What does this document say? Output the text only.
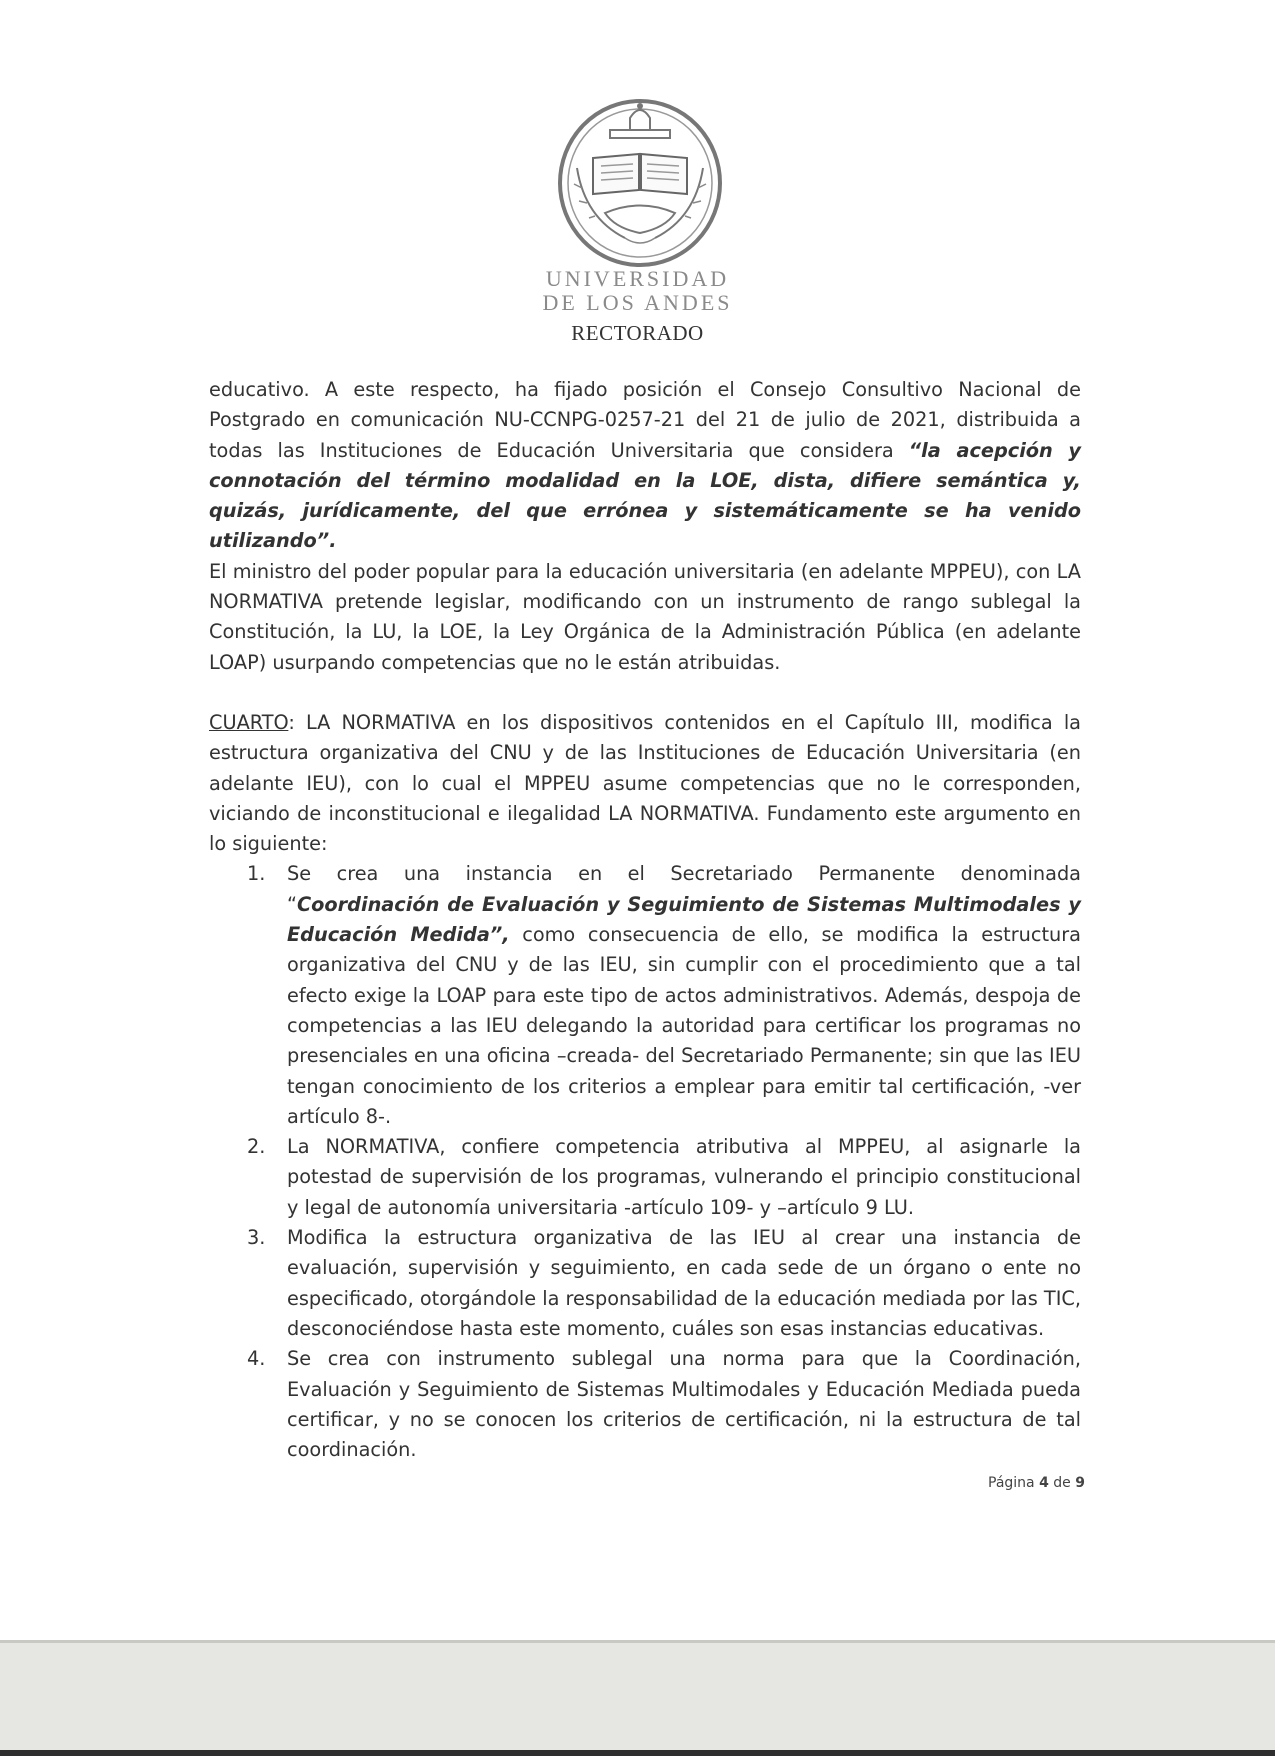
UNIVERSIDAD
DE LOS ANDES
RECTORADO

educativo. A este respecto, ha fijado posición el Consejo Consultivo Nacional de Postgrado en comunicación NU-CCNPG-0257-21 del 21 de julio de 2021, distribuida a todas las Instituciones de Educación Universitaria que considera “la acepción y connotación del término modalidad en la LOE, dista, difiere semántica y, quizás, jurídicamente, del que errónea y sistemáticamente se ha venido utilizando”.

El ministro del poder popular para la educación universitaria (en adelante MPPEU), con LA NORMATIVA pretende legislar, modificando con un instrumento de rango sublegal la Constitución, la LU, la LOE, la Ley Orgánica de la Administración Pública (en adelante LOAP) usurpando competencias que no le están atribuidas.

CUARTO: LA NORMATIVA en los dispositivos contenidos en el Capítulo III, modifica la estructura organizativa del CNU y de las Instituciones de Educación Universitaria (en adelante IEU), con lo cual el MPPEU asume competencias que no le corresponden, viciando de inconstitucional e ilegalidad LA NORMATIVA. Fundamento este argumento en lo siguiente:

1. Se crea una instancia en el Secretariado Permanente denominada “Coordinación de Evaluación y Seguimiento de Sistemas Multimodales y Educación Medida”, como consecuencia de ello, se modifica la estructura organizativa del CNU y de las IEU, sin cumplir con el procedimiento que a tal efecto exige la LOAP para este tipo de actos administrativos. Además, despoja de competencias a las IEU delegando la autoridad para certificar los programas no presenciales en una oficina –creada- del Secretariado Permanente; sin que las IEU tengan conocimiento de los criterios a emplear para emitir tal certificación, -ver artículo 8-.
2. La NORMATIVA, confiere competencia atributiva al MPPEU, al asignarle la potestad de supervisión de los programas, vulnerando el principio constitucional y legal de autonomía universitaria -artículo 109- y –artículo 9 LU.
3. Modifica la estructura organizativa de las IEU al crear una instancia de evaluación, supervisión y seguimiento, en cada sede de un órgano o ente no especificado, otorgándole la responsabilidad de la educación mediada por las TIC, desconociéndose hasta este momento, cuáles son esas instancias educativas.
4. Se crea con instrumento sublegal una norma para que la Coordinación, Evaluación y Seguimiento de Sistemas Multimodales y Educación Mediada pueda certificar, y no se conocen los criterios de certificación, ni la estructura de tal coordinación.
Página 4 de 9
